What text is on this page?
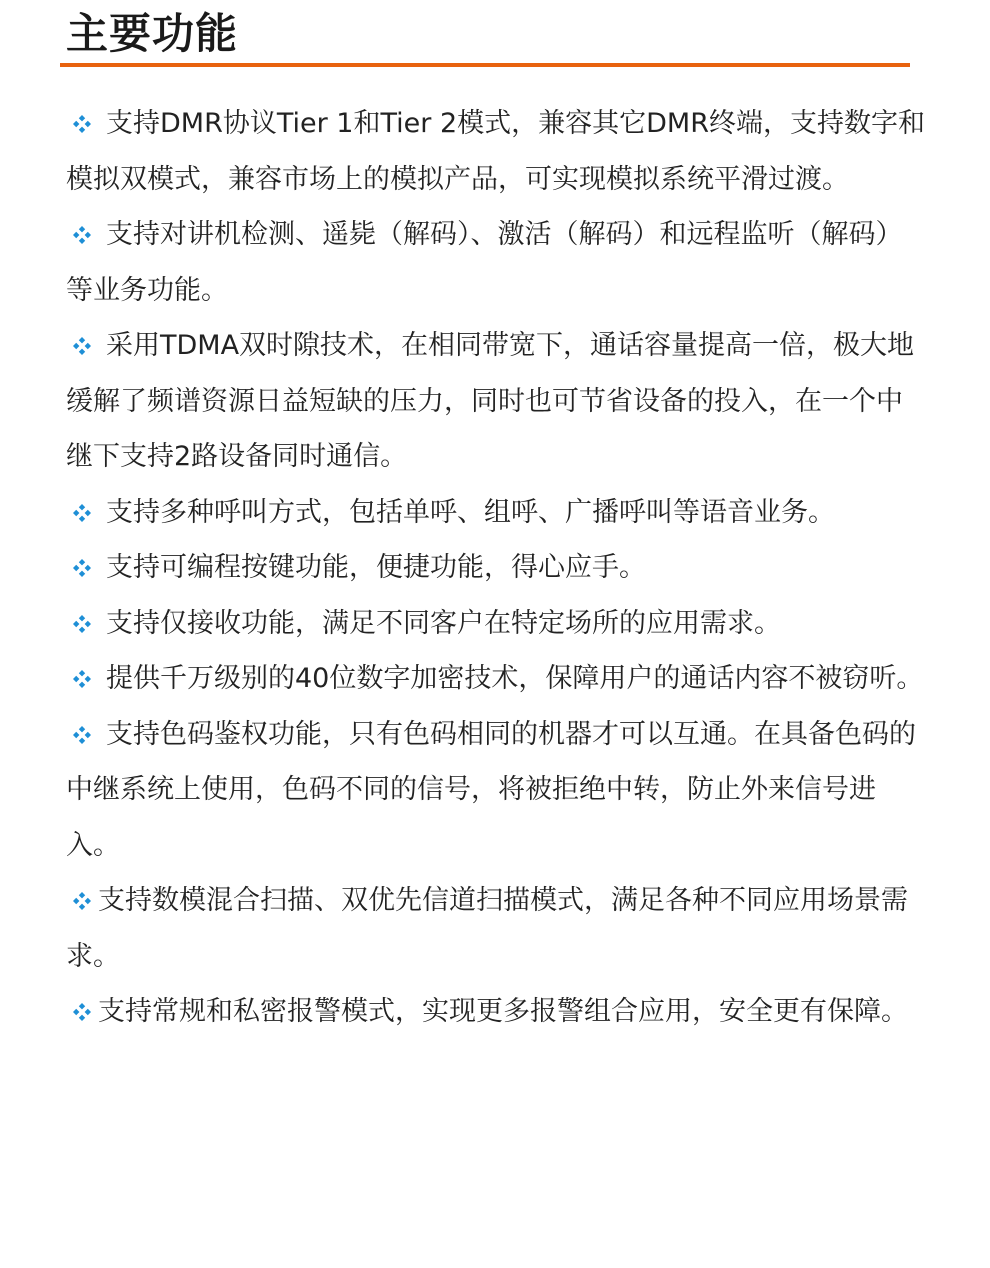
主要功能
支持DMR协议Tier 1和Tier 2模式，兼容其它DMR终端，支持数字和模拟双模式，兼容市场上的模拟产品，可实现模拟系统平滑过渡。
支持对讲机检测、遥毙（解码）、激活（解码）和远程监听（解码）等业务功能。
采用TDMA双时隙技术，在相同带宽下，通话容量提高一倍，极大地缓解了频谱资源日益短缺的压力，同时也可节省设备的投入，在一个中继下支持2路设备同时通信。
支持多种呼叫方式，包括单呼、组呼、广播呼叫等语音业务。
支持可编程按键功能，便捷功能，得心应手。
支持仅接收功能，满足不同客户在特定场所的应用需求。
提供千万级别的40位数字加密技术，保障用户的通话内容不被窃听。
支持色码鉴权功能，只有色码相同的机器才可以互通。在具备色码的中继系统上使用，色码不同的信号，将被拒绝中转，防止外来信号进入。
支持数模混合扫描、双优先信道扫描模式，满足各种不同应用场景需求。
支持常规和私密报警模式，实现更多报警组合应用，安全更有保障。
